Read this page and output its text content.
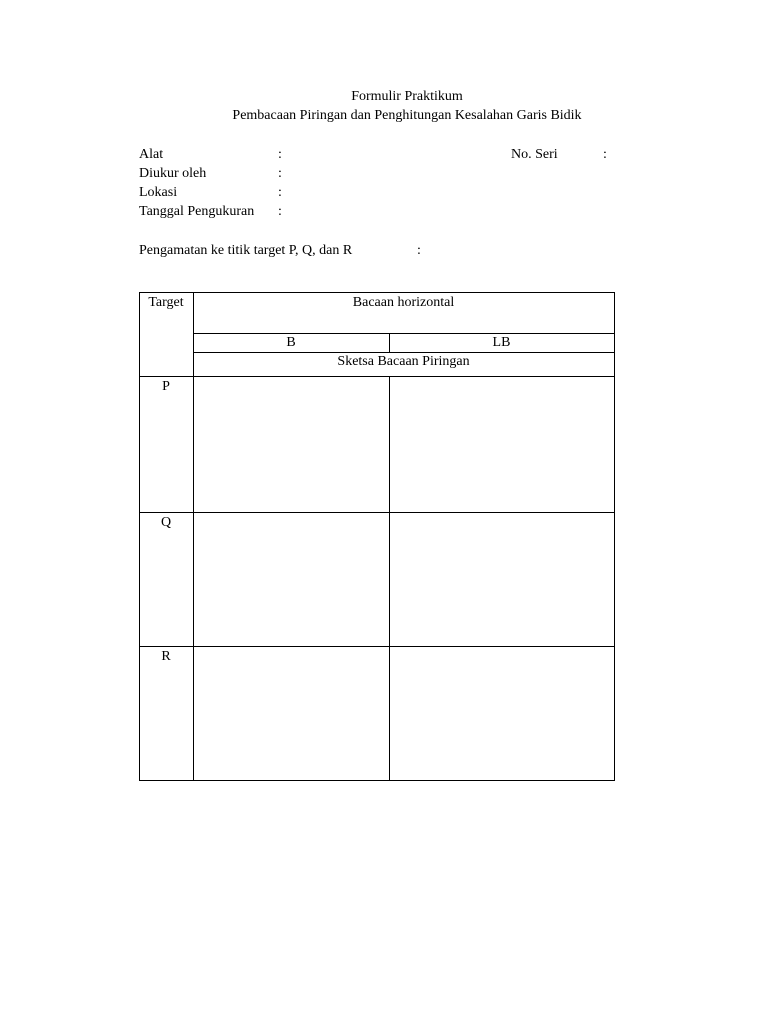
Formulir Praktikum
Pembacaan Piringan dan Penghitungan Kesalahan Garis Bidik
Alat	:
Diukur oleh	:
Lokasi	:
Tanggal Pengukuran :
No. Seri	:
Pengamatan ke titik target P, Q, dan R	:
Target	Bacaan horizontal
B	LB
Sketsa Bacaan Piringan
P
Q
R
